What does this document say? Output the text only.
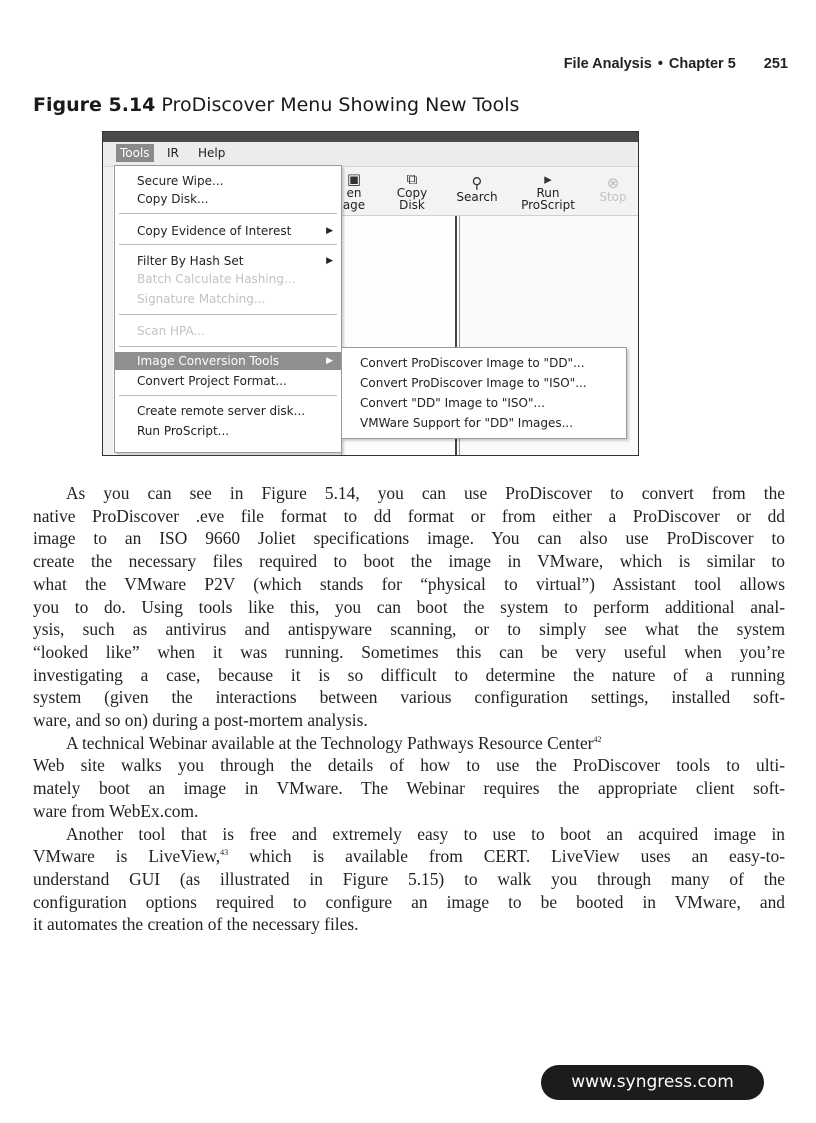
File Analysis • Chapter 5 251
Figure 5.14 ProDiscover Menu Showing New Tools
Tools	IR Help
▣
en
age
⧉
Copy
Disk
⚲
Search
▸
Run
ProScript
⊗
Stop
Secure Wipe...
Copy Disk...
Copy Evidence of Interest	▶
Filter By Hash Set	▶
Batch Calculate Hashing...
Signature Matching...
Scan HPA...
Image Conversion Tools	▶
Convert Project Format...
Create remote server disk...
Run ProScript...
Convert ProDiscover Image to "DD"...
Convert ProDiscover Image to "ISO"...
Convert "DD" Image to "ISO"...
VMWare Support for "DD" Images...
As you can see in Figure 5.14, you can use ProDiscover to convert from the
native ProDiscover .eve file format to dd format or from either a ProDiscover or dd
image to an ISO 9660 Joliet specifications image. You can also use ProDiscover to
create the necessary files required to boot the image in VMware, which is similar to
what the VMware P2V (which stands for “physical to virtual”) Assistant tool allows
you to do. Using tools like this, you can boot the system to perform additional anal-
ysis, such as antivirus and antispyware scanning, or to simply see what the system
“looked like” when it was running. Sometimes this can be very useful when you’re
investigating a case, because it is so difficult to determine the nature of a running
system (given the interactions between various configuration settings, installed soft-
ware, and so on) during a post-mortem analysis.
A technical Webinar available at the Technology Pathways Resource Center$^{42}$
Web site walks you through the details of how to use the ProDiscover tools to ulti-
mately boot an image in VMware. The Webinar requires the appropriate client soft-
ware from WebEx.com.
Another tool that is free and extremely easy to use to boot an acquired image in
VMware is LiveView,$^{43}$ which is available from CERT. LiveView uses an easy-to-
understand GUI (as illustrated in Figure 5.15) to walk you through many of the
configuration options required to configure an image to be booted in VMware, and
it automates the creation of the necessary files.
www.syngress.com
